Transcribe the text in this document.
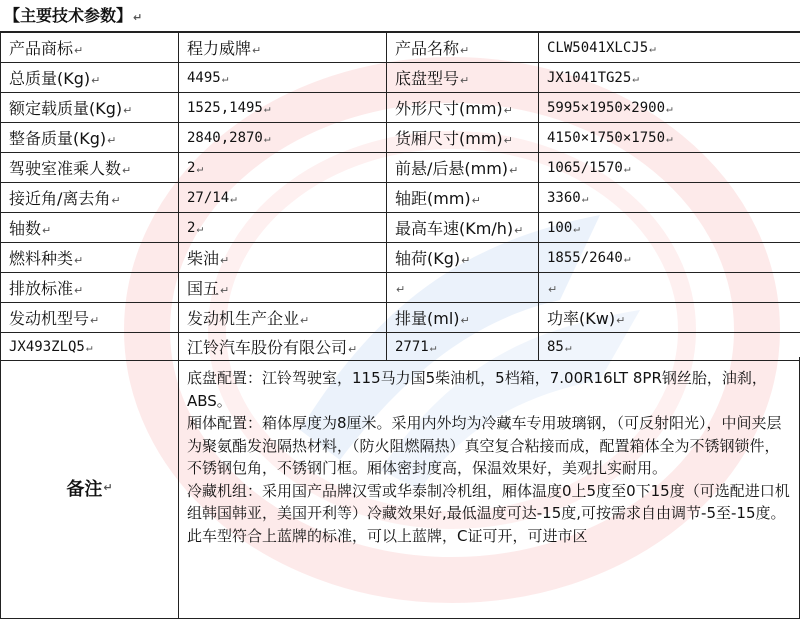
【主要技术参数】↵
产品商标↵	程力威牌↵	产品名称↵	CLW5041XLCJ5↵
总质量(Kg)↵	4495↵	底盘型号↵	JX1041TG25↵
额定载质量(Kg)↵	1525,1495↵	外形尺寸(mm)↵	5995×1950×2900↵
整备质量(Kg)↵	2840,2870↵	货厢尺寸(mm)↵	4150×1750×1750↵
驾驶室准乘人数↵	2↵	前悬/后悬(mm)↵	1065/1570↵
接近角/离去角↵	27/14↵	轴距(mm)↵	3360↵
轴数↵	2↵	最高车速(Km/h)↵	100↵
燃料种类↵	柴油↵	轴荷(Kg)↵	1855/2640↵
排放标准↵	国五↵	↵	↵
发动机型号↵	发动机生产企业↵	排量(ml)↵	功率(Kw)↵
JX493ZLQ5↵	江铃汽车股份有限公司↵	2771↵	85↵
备注 ↵

底盘配置：江铃驾驶室，115马力国5柴油机，5档箱，7.00R16LT 8PR钢丝胎，油刹，ABS。

厢体配置：箱体厚度为8厘米。采用内外均为冷藏车专用玻璃钢，（可反射阳光），中间夹层为聚氨酯发泡隔热材料，（防火阻燃隔热）真空复合粘接而成，配置箱体全为不锈钢锁件，不锈钢包角，不锈钢门框。厢体密封度高，保温效果好，美观扎实耐用。

冷藏机组：采用国产品牌汉雪或华泰制冷机组，厢体温度0上5度至0下15度（可选配进口机组韩国韩亚，美国开利等）冷藏效果好,最低温度可达-15度,可按需求自由调节-5至-15度。

此车型符合上蓝牌的标准，可以上蓝牌，C证可开，可进市区
